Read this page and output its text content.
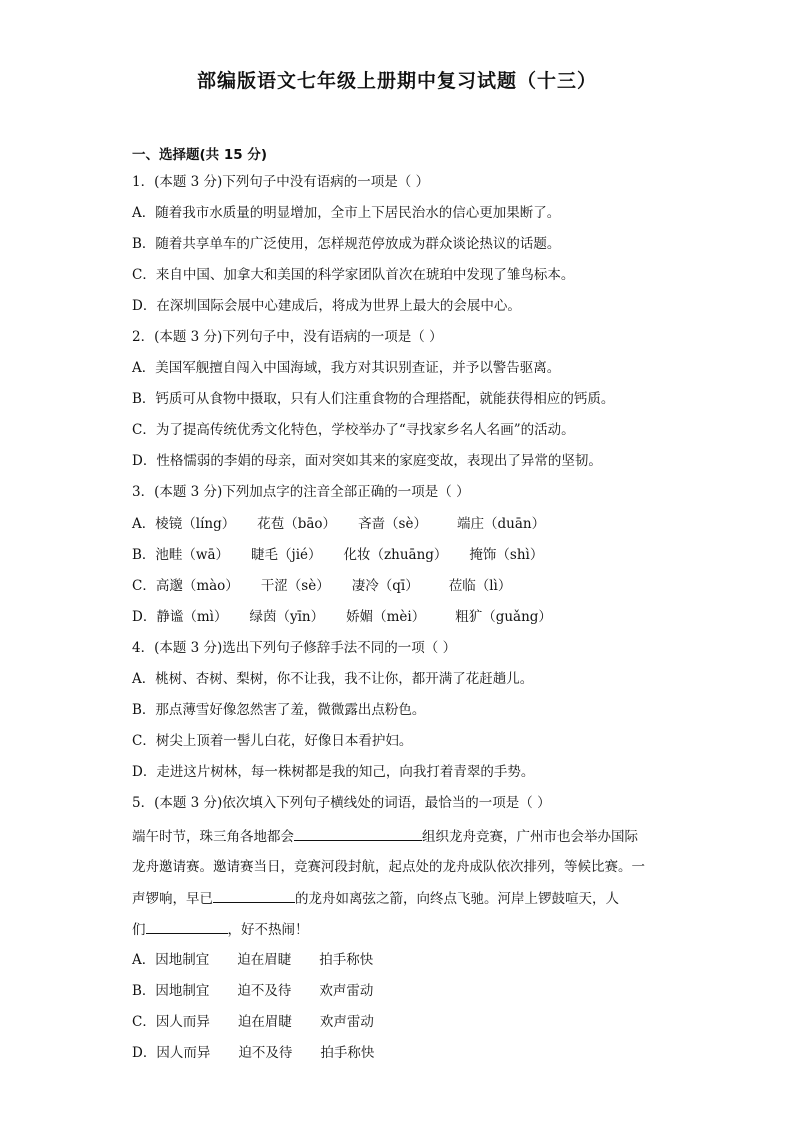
部编版语文七年级上册期中复习试题（十三）
一、选择题(共 15 分)
1．(本题 3 分)下列句子中没有语病的一项是（ ）
A．随着我市水质量的明显增加，全市上下居民治水的信心更加果断了。
B．随着共享单车的广泛使用，怎样规范停放成为群众谈论热议的话题。
C．来自中国、加拿大和美国的科学家团队首次在琥珀中发现了雏鸟标本。
D．在深圳国际会展中心建成后，将成为世界上最大的会展中心。
2．(本题 3 分)下列句子中，没有语病的一项是（ ）
A．美国军舰擅自闯入中国海域，我方对其识别查证，并予以警告驱离。
B．钙质可从食物中摄取，只有人们注重食物的合理搭配，就能获得相应的钙质。
C．为了提高传统优秀文化特色，学校举办了“寻找家乡名人名画”的活动。
D．性格懦弱的李娟的母亲，面对突如其来的家庭变故，表现出了异常的坚韧。
3．(本题 3 分)下列加点字的注音全部正确的一项是（ ）
A．棱镜（líng） 花苞（bāo） 吝啬（sè） 端庄（duān）
B．池畦（wā） 睫毛（jié） 化妆（zhuāng） 掩饰（shì）
C．高邈（mào） 干涩（sè） 凄冷（qī） 莅临（lì）
D．静谧（mì） 绿茵（yīn） 娇媚（mèi） 粗犷（guǎng）
4．(本题 3 分)选出下列句子修辞手法不同的一项（ ）
A．桃树、杏树、梨树，你不让我，我不让你，都开满了花赶趟儿。
B．那点薄雪好像忽然害了羞，微微露出点粉色。
C．树尖上顶着一髻儿白花，好像日本看护妇。
D．走进这片树林，每一株树都是我的知己，向我打着青翠的手势。
5．(本题 3 分)依次填入下列句子横线处的词语，最恰当的一项是（ ）
端午时节，珠三角各地都会	组织龙舟竞赛，广州市也会举办国际
龙舟邀请赛。邀请赛当日，竞赛河段封航，起点处的龙舟成队依次排列，等候比赛。一
声锣响，早已	的龙舟如离弦之箭，向终点飞驰。河岸上锣鼓喧天，人
们	，好不热闹！
A．因地制宜 迫在眉睫 拍手称快
B．因地制宜 迫不及待 欢声雷动
C．因人而异 迫在眉睫 欢声雷动
D．因人而异 迫不及待 拍手称快
